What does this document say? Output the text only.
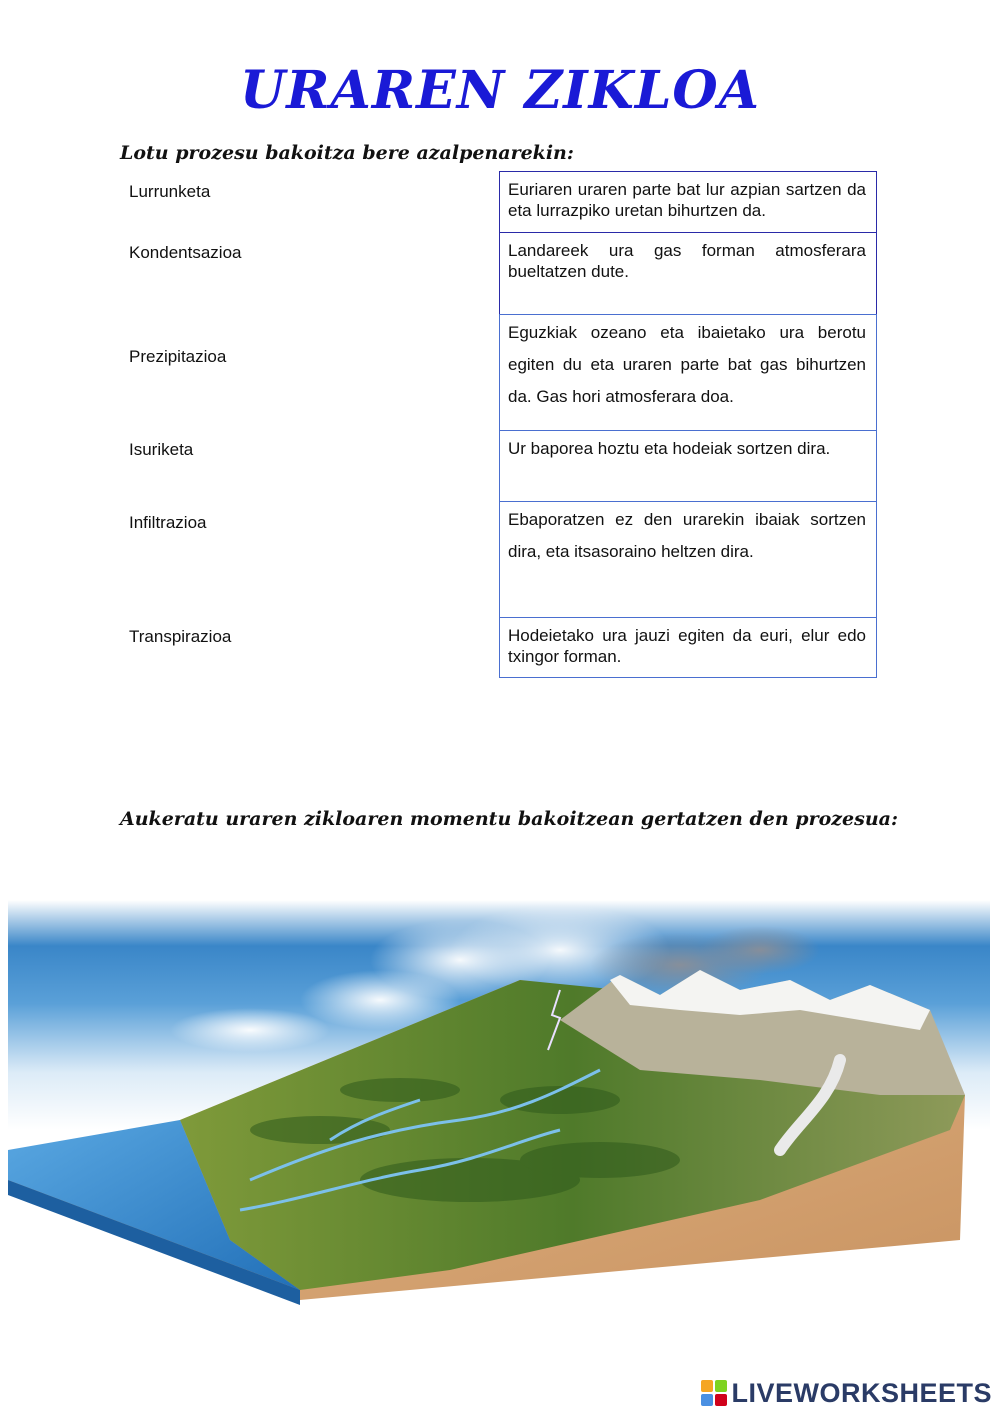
URAREN ZIKLOA
Lotu prozesu bakoitza bere azalpenarekin:
Lurrunketa
Kondentsazioa
Prezipitazioa
Isuriketa
Infiltrazioa
Transpirazioa
Euriaren uraren parte bat lur azpian sartzen da eta lurrazpiko uretan bihurtzen da.
Landareek ura gas forman atmosferara bueltatzen dute.
Eguzkiak ozeano eta ibaietako ura berotu egiten du eta uraren parte bat gas bihurtzen da. Gas hori atmosferara doa.
Ur baporea hoztu eta hodeiak sortzen dira.
Ebaporatzen ez den urarekin ibaiak sortzen dira, eta itsasoraino heltzen dira.
Hodeietako ura jauzi egiten da euri, elur edo txingor forman.
Aukeratu uraren zikloaren momentu bakoitzean gertatzen den prozesua:
LIVEWORKSHEETS
